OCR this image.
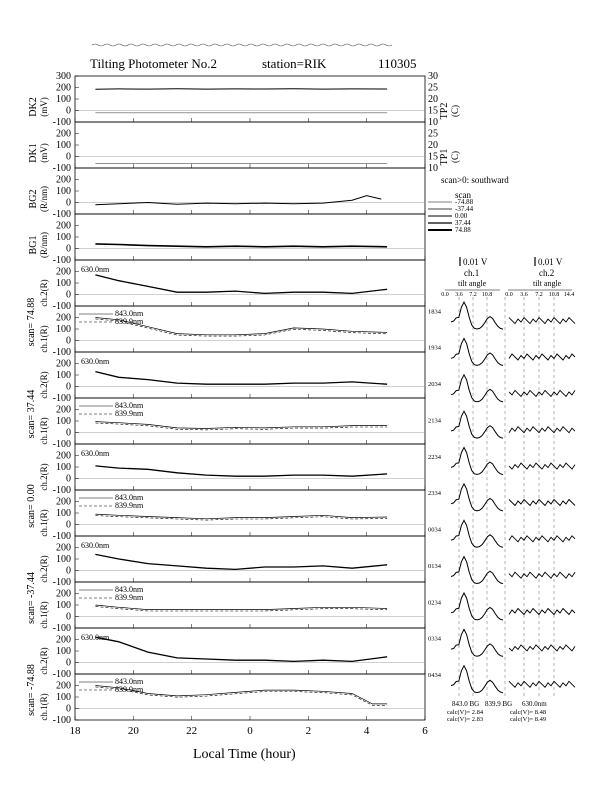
Tilting Photometer No.2	station=RIK	110305
300
200
100
0
-100
30
25
20
15
10
200
100
0
-100
25
20
15
10
200
100
0
-100
200
100
0
-100
200
100
0
-100
630.0nm
200
100
0
-100
843.0nm
839.9nm
200
100
0
-100
630.0nm
200
100
0
-100
843.0nm
839.9nm
200
100
0
-100
630.0nm
200
100
0
-100
843.0nm
839.9nm
200
100
0
-100
630.0nm
200
100
0
-100
843.0nm
839.9nm
200
100
0
-100
630.0nm
200
100
0
-100
843.0nm
839.9nm
DK2 (mV)	TP2 (C)
DK1 (mV)	TP1 (C)
BG2 (R/nm)
BG1 (R/nm)
ch.2(R)
scan= 74.88 ch.1(R)
ch.2(R)
scan= 37.44 ch.1(R)
ch.2(R)
scan= 0.00 ch.1(R)
ch.2(R)
scan= -37.44 ch.1(R)
ch.2(R)
scan= -74.88 ch.1(R)
scan>0: southward
scan
-74.88
-37.44
0.00
37.44
74.88
0.01 V	0.01 V
ch.1	ch.2
tilt angle	tilt angle
0.0 3.6 7.2 10.8 0.0 3.6 7.2 10.8 14.4
1834
1934
2034
2134
2234
2334
0034
0134
0234
0334
0434
843.0 BG 839.9 BG 630.0nm
calc(V)= 2.84
calc(V)= 2.83
calc(V)= 8.48
calc(V)= 8.49
18	20	22	0	2	4	6
Local Time (hour)
